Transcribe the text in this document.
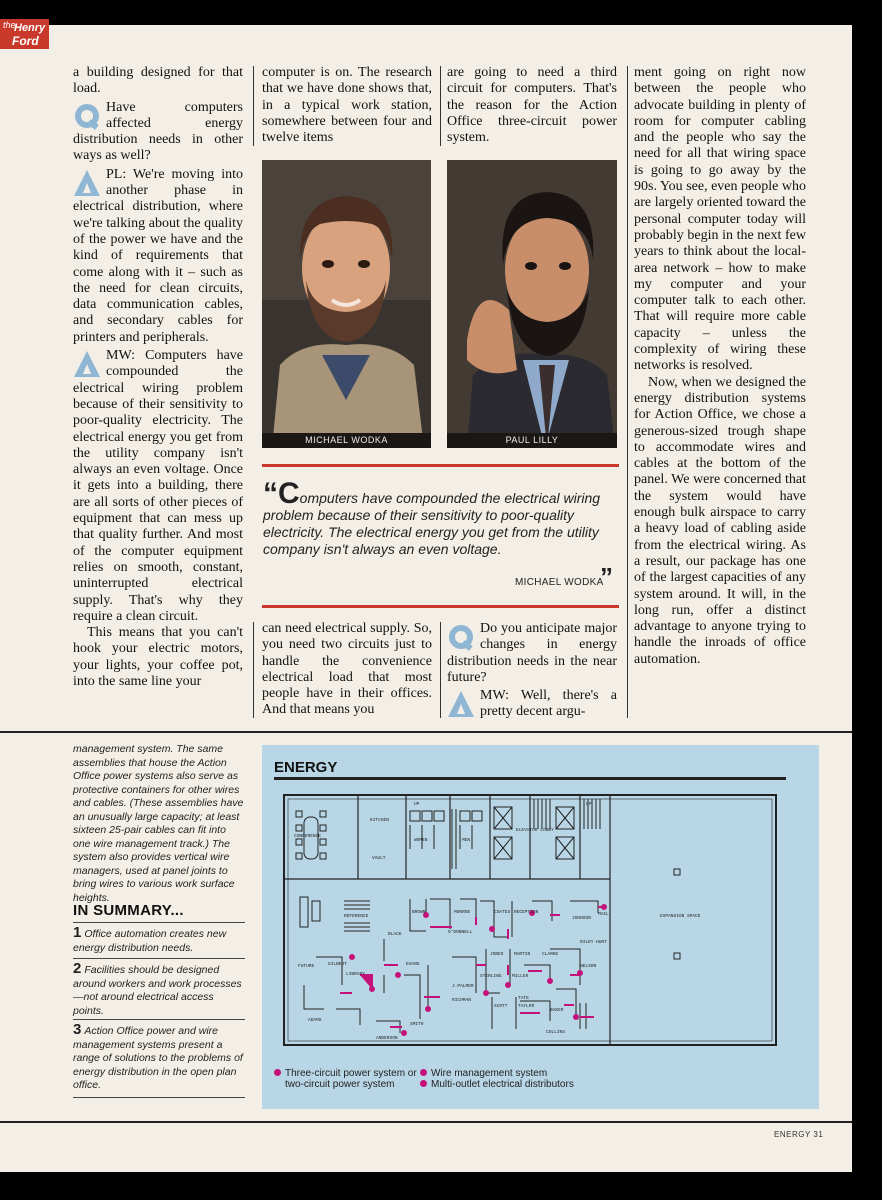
the
Henry
Ford

a building designed for that load.

Have computers affected energy distribution needs in other ways as well?

PL: We're moving into another phase in electrical distribution, where we're talking about the quality of the power we have and the kind of requirements that come along with it – such as the need for clean circuits, data communication cables, and secondary cables for printers and peripherals.

MW: Computers have compounded the electrical wiring problem because of their sensitivity to poor-quality electricity. The electrical energy you get from the utility company isn't always an even voltage. Once it gets into a building, there are all sorts of other pieces of equipment that can mess up that quality further. And most of the computer equipment relies on smooth, constant, uninterrupted electrical supply. That's why they require a clean circuit.

This means that you can't hook your electric motors, your lights, your coffee pot, into the same line your

computer is on. The research that we have done shows that, in a typical work station, somewhere between four and twelve items

are going to need a third circuit for computers. That's the reason for the Action Office three-circuit power system.

MICHAEL WODKA	PAUL LILLY
“Computers have compounded the electrical wiring problem because of their sensitivity to poor-quality electricity. The electrical energy you get from the utility company isn't always an even voltage.
”
MICHAEL WODKA

can need electrical supply. So, you need two circuits just to handle the convenience electrical load that most people have in their offices. And that means you

Do you anticipate major changes in energy distribution needs in the near future?

MW: Well, there's a pretty decent argu-

ment going on right now between the people who advocate building in plenty of room for computer cabling and the people who say the need for all that wiring space is going to go away by the 90s. You see, even people who are largely oriented toward the personal computer today will probably begin in the next few years to think about the local-area network – how to make my computer and your computer talk to each other. That will require more cable capacity – unless the complexity of wiring these networks is resolved.

Now, when we designed the energy distribution systems for Action Office, we chose a generous-sized trough shape to accommodate wires and cables at the bottom of the panel. We were concerned that the system would have enough bulk airspace to carry a heavy load of cabling aside from the electrical wiring. As a result, our package has one of the largest capacities of any system around. It will, in the long run, offer a distinct advantage to anyone trying to handle the inroads of office automation.

management system. The same assemblies that house the Action Office power systems also serve as protective containers for other wires and cables. (These assemblies have an unusually large capacity; at least sixteen 25-pair cables can fit into one wire management track.) The system also provides vertical wire managers, used at panel joints to bring wires to various work surface heights.

IN SUMMARY...
1 Office automation creates new energy distribution needs.
2 Facilities should be designed around workers and work processes —not around electrical access points.
3 Action Office power and wire management systems present a range of solutions to the problems of energy distribution in the open plan office.
ENERGY
CONFERENCE
KITCHEN
VAULT
WOMEN	MEN
ELEVATOR LOBBY
UP	UP
EXPANSION SPACE
REFERENCE
BLACK
BROWN	MONROE
O'DONNELL
COATES RECEPTION	MAIL
JOHNSON
RILEY HUNT
FUTURE	GILBERT
LIBRARY
EVANS
JONES MARTIN	CLARKE
NELSON
MILLER
STERLING
ADAMS
J.PALMER
TATE
BAKER
RICHMAN
SCOTT TAYLOR
SMITH
COLLINS
ANDERSON
Three-circuit power system or
two-circuit power system
Wire management system
Multi-outlet electrical distributors
ENERGY 31
